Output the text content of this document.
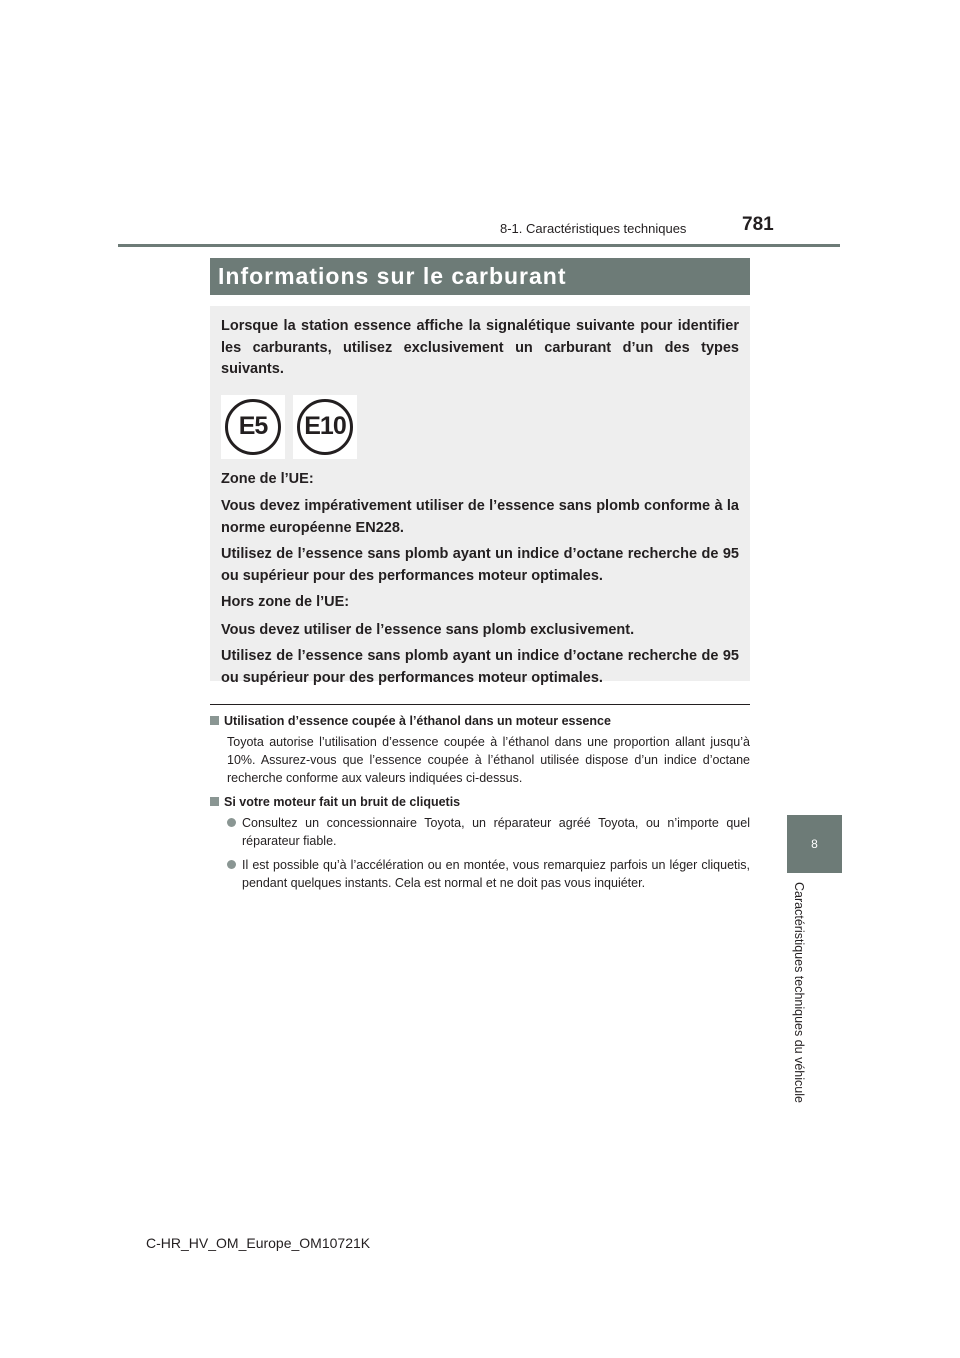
8-1. Caractéristiques techniques	781
Informations sur le carburant

Lorsque la station essence affiche la signalétique suivante pour identifier les carburants, utilisez exclusivement un carburant d’un des types suivants.

E5	E10

Zone de l’UE:

Vous devez impérativement utiliser de l’essence sans plomb conforme à la norme européenne EN228.

Utilisez de l’essence sans plomb ayant un indice d’octane recherche de 95 ou supérieur pour des performances moteur optimales.

Hors zone de l’UE:

Vous devez utiliser de l’essence sans plomb exclusivement.

Utilisez de l’essence sans plomb ayant un indice d’octane recherche de 95 ou supérieur pour des performances moteur optimales.

Utilisation d’essence coupée à l’éthanol dans un moteur essence

Toyota autorise l’utilisation d’essence coupée à l’éthanol dans une proportion allant jusqu’à 10%. Assurez-vous que l’essence coupée à l’éthanol utilisée dispose d’un indice d’octane recherche conforme aux valeurs indiquées ci-dessus.

Si votre moteur fait un bruit de cliquetis

Consultez un concessionnaire Toyota, un réparateur agréé Toyota, ou n’importe quel réparateur fiable.
Il est possible qu’à l’accélération ou en montée, vous remarquiez parfois un léger cliquetis, pendant quelques instants. Cela est normal et ne doit pas vous inquiéter.
8
Caractéristiques techniques du véhicule
C-HR_HV_OM_Europe_OM10721K
